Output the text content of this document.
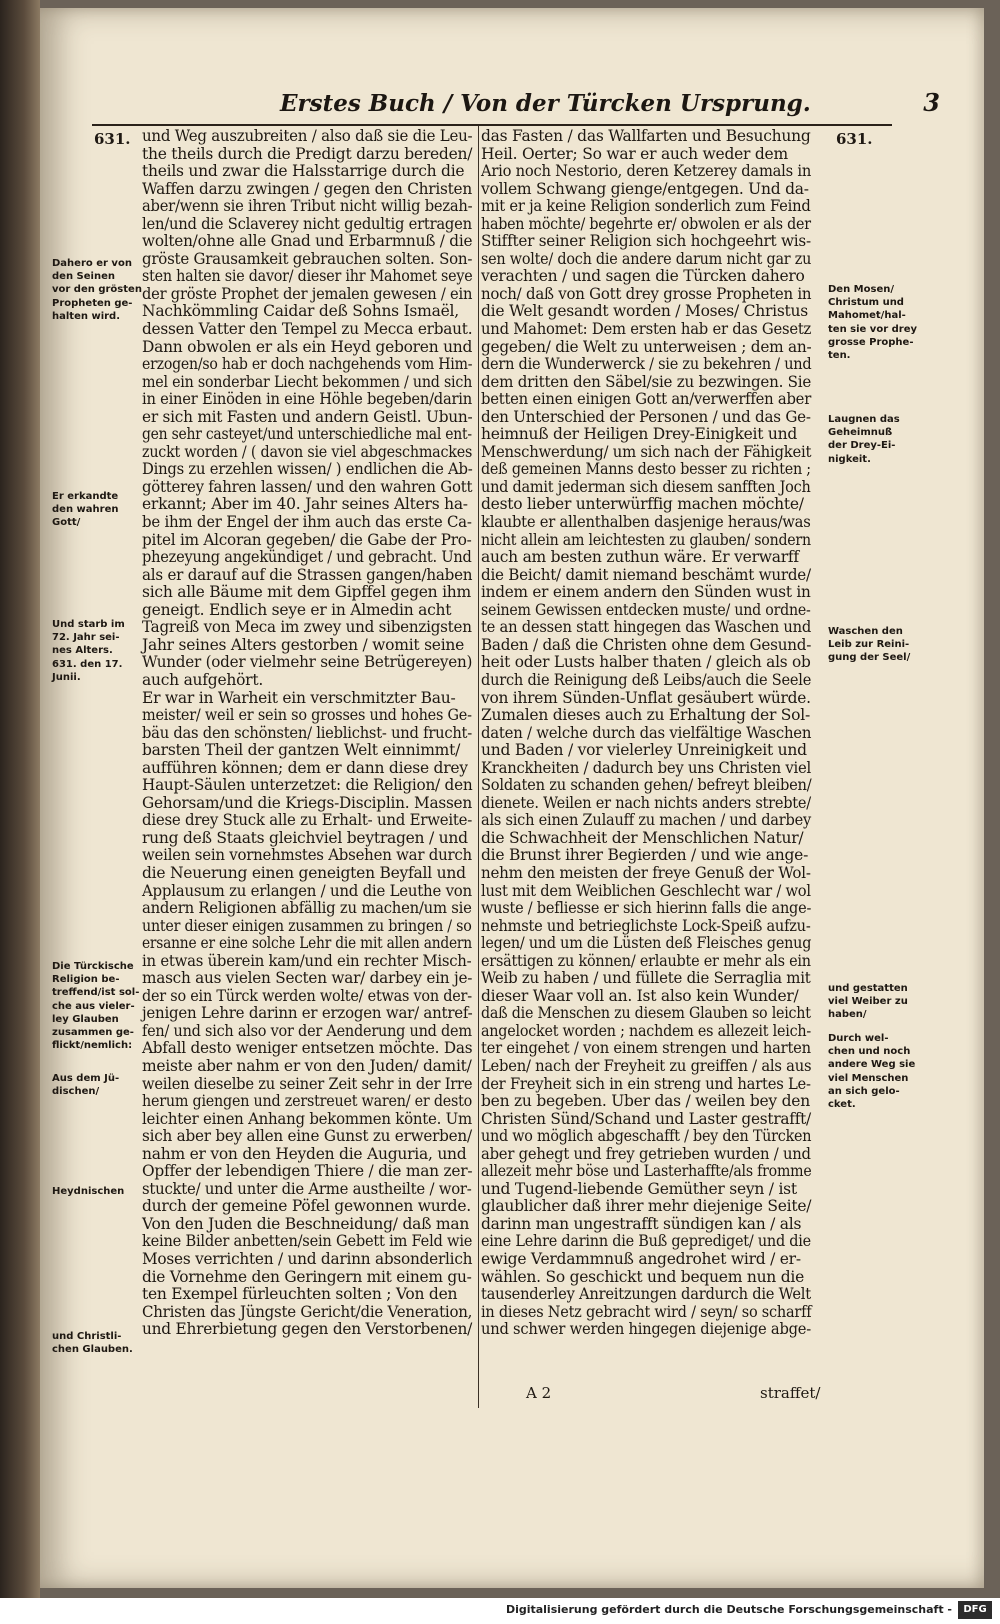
Erstes Buch / Von der Türcken Ursprung.	3
631.	631.
und Weg auszubreiten / also daß sie die Leu-
the theils durch die Predigt darzu bereden/
theils und zwar die Halsstarrige durch die
Waffen darzu zwingen / gegen den Christen
aber/wenn sie ihren Tribut nicht willig bezah-
len/und die Sclaverey nicht gedultig ertragen
wolten/ohne alle Gnad und Erbarmnuß / die
gröste Grausamkeit gebrauchen solten. Son-
sten halten sie davor/ dieser ihr Mahomet seye
der gröste Prophet der jemalen gewesen / ein
Nachkömmling Caidar deß Sohns Ismaël,
dessen Vatter den Tempel zu Mecca erbaut.
Dann obwolen er als ein Heyd geboren und
erzogen/so hab er doch nachgehends vom Him-
mel ein sonderbar Liecht bekommen / und sich
in einer Einöden in eine Höhle begeben/darin
er sich mit Fasten und andern Geistl. Ubun-
gen sehr casteyet/und unterschiedliche mal ent-
zuckt worden / ( davon sie viel abgeschmackes
Dings zu erzehlen wissen/ ) endlichen die Ab-
götterey fahren lassen/ und den wahren Gott
erkannt; Aber im 40. Jahr seines Alters ha-
be ihm der Engel der ihm auch das erste Ca-
pitel im Alcoran gegeben/ die Gabe der Pro-
phezeyung angekündiget / und gebracht. Und
als er darauf auf die Strassen gangen/haben
sich alle Bäume mit dem Gipffel gegen ihm
geneigt. Endlich seye er in Almedin acht
Tagreiß von Meca im zwey und sibenzigsten
Jahr seines Alters gestorben / womit seine
Wunder (oder vielmehr seine Betrügereyen)
auch aufgehört.
Er war in Warheit ein verschmitzter Bau-
meister/ weil er sein so grosses und hohes Ge-
bäu das den schönsten/ lieblichst- und frucht-
barsten Theil der gantzen Welt einnimmt/
aufführen können; dem er dann diese drey
Haupt-Säulen unterzetzet: die Religion/ den
Gehorsam/und die Kriegs-Disciplin. Massen
diese drey Stuck alle zu Erhalt- und Erweite-
rung deß Staats gleichviel beytragen / und
weilen sein vornehmstes Absehen war durch
die Neuerung einen geneigten Beyfall und
Applausum zu erlangen / und die Leuthe von
andern Religionen abfällig zu machen/um sie
unter dieser einigen zusammen zu bringen / so
ersanne er eine solche Lehr die mit allen andern
in etwas überein kam/und ein rechter Misch-
masch aus vielen Secten war/ darbey ein je-
der so ein Türck werden wolte/ etwas von der-
jenigen Lehre darinn er erzogen war/ antref-
fen/ und sich also vor der Aenderung und dem
Abfall desto weniger entsetzen möchte. Das
meiste aber nahm er von den Juden/ damit/
weilen dieselbe zu seiner Zeit sehr in der Irre
herum giengen und zerstreuet waren/ er desto
leichter einen Anhang bekommen könte. Um
sich aber bey allen eine Gunst zu erwerben/
nahm er von den Heyden die Auguria, und
Opffer der lebendigen Thiere / die man zer-
stuckte/ und unter die Arme austheilte / wor-
durch der gemeine Pöfel gewonnen wurde.
Von den Juden die Beschneidung/ daß man
keine Bilder anbetten/sein Gebett im Feld wie
Moses verrichten / und darinn absonderlich
die Vornehme den Geringern mit einem gu-
ten Exempel fürleuchten solten ; Von den
Christen das Jüngste Gericht/die Veneration,
und Ehrerbietung gegen den Verstorbenen/
das Fasten / das Wallfarten und Besuchung
Heil. Oerter; So war er auch weder dem
Ario noch Nestorio, deren Ketzerey damals in
vollem Schwang gienge/entgegen. Und da-
mit er ja keine Religion sonderlich zum Feind
haben möchte/ begehrte er/ obwolen er als der
Stiffter seiner Religion sich hochgeehrt wis-
sen wolte/ doch die andere darum nicht gar zu
verachten / und sagen die Türcken dahero
noch/ daß von Gott drey grosse Propheten in
die Welt gesandt worden / Moses/ Christus
und Mahomet: Dem ersten hab er das Gesetz
gegeben/ die Welt zu unterweisen ; dem an-
dern die Wunderwerck / sie zu bekehren / und
dem dritten den Säbel/sie zu bezwingen. Sie
betten einen einigen Gott an/verwerffen aber
den Unterschied der Personen / und das Ge-
heimnuß der Heiligen Drey-Einigkeit und
Menschwerdung/ um sich nach der Fähigkeit
deß gemeinen Manns desto besser zu richten ;
und damit jederman sich diesem sanfften Joch
desto lieber unterwürffig machen möchte/
klaubte er allenthalben dasjenige heraus/was
nicht allein am leichtesten zu glauben/ sondern
auch am besten zuthun wäre. Er verwarff
die Beicht/ damit niemand beschämt wurde/
indem er einem andern den Sünden wust in
seinem Gewissen entdecken muste/ und ordne-
te an dessen statt hingegen das Waschen und
Baden / daß die Christen ohne dem Gesund-
heit oder Lusts halber thaten / gleich als ob
durch die Reinigung deß Leibs/auch die Seele
von ihrem Sünden-Unflat gesäubert würde.
Zumalen dieses auch zu Erhaltung der Sol-
daten / welche durch das vielfältige Waschen
und Baden / vor vielerley Unreinigkeit und
Kranckheiten / dadurch bey uns Christen viel
Soldaten zu schanden gehen/ befreyt bleiben/
dienete. Weilen er nach nichts anders strebte/
als sich einen Zulauff zu machen / und darbey
die Schwachheit der Menschlichen Natur/
die Brunst ihrer Begierden / und wie ange-
nehm den meisten der freye Genuß der Wol-
lust mit dem Weiblichen Geschlecht war / wol
wuste / befliesse er sich hierinn falls die ange-
nehmste und betrieglichste Lock-Speiß aufzu-
legen/ und um die Lüsten deß Fleisches genug
ersättigen zu können/ erlaubte er mehr als ein
Weib zu haben / und füllete die Serraglia mit
dieser Waar voll an. Ist also kein Wunder/
daß die Menschen zu diesem Glauben so leicht
angelocket worden ; nachdem es allezeit leich-
ter eingehet / von einem strengen und harten
Leben/ nach der Freyheit zu greiffen / als aus
der Freyheit sich in ein streng und hartes Le-
ben zu begeben. Uber das / weilen bey den
Christen Sünd/Schand und Laster gestrafft/
und wo möglich abgeschafft / bey den Türcken
aber gehegt und frey getrieben wurden / und
allezeit mehr böse und Lasterhaffte/als fromme
und Tugend-liebende Gemüther seyn / ist
glaublicher daß ihrer mehr diejenige Seite/
darinn man ungestrafft sündigen kan / als
eine Lehre darinn die Buß geprediget/ und die
ewige Verdammnuß angedrohet wird / er-
wählen. So geschickt und bequem nun die
tausenderley Anreitzungen dardurch die Welt
in dieses Netz gebracht wird / seyn/ so scharff
und schwer werden hingegen diejenige abge-
Dahero er von
den Seinen
vor den grösten
Propheten ge-
halten wird.
Er erkandte
den wahren
Gott/
Und starb im
72. Jahr sei-
nes Alters.
631. den 17.
Junii.
Die Türckische
Religion be-
treffend/ist sol-
che aus vieler-
ley Glauben
zusammen ge-
flickt/nemlich:
Aus dem Jü-
dischen/
Heydnischen
und Christli-
chen Glauben.
Den Mosen/
Christum und
Mahomet/hal-
ten sie vor drey
grosse Prophe-
ten.
Laugnen das
Geheimnuß
der Drey-Ei-
nigkeit.
Waschen den
Leib zur Reini-
gung der Seel/
und gestatten
viel Weiber zu
haben/
Durch wel-
chen und noch
andere Weg sie
viel Menschen
an sich gelo-
cket.
A 2	straffet/
Digitalisierung gefördert durch die Deutsche Forschungsgemeinschaft -	DFG
